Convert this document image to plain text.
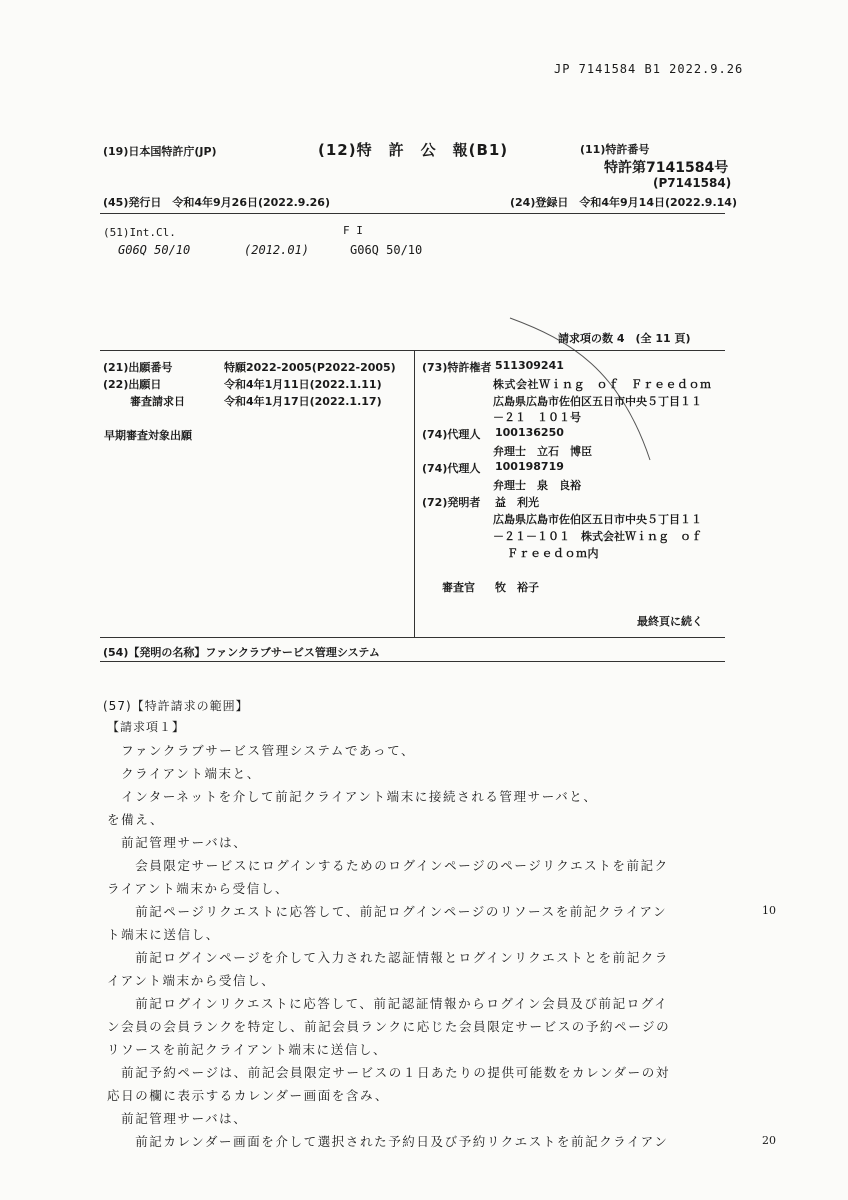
JP 7141584 B1 2022.9.26
(19)日本国特許庁(JP)	(12)特　許　公　報(B1)	(11)特許番号
特許第7141584号
(P7141584)
(45)発行日　令和4年9月26日(2022.9.26)	(24)登録日　令和4年9月14日(2022.9.14)
(51)Int.Cl.	F I
G06Q 50/10	(2012.01)	G06Q 50/10
請求項の数 4　(全 11 頁)
(21)出願番号	特願2022-2005(P2022-2005)
(22)出願日	令和4年1月11日(2022.1.11)
審査請求日	令和4年1月17日(2022.1.17)
早期審査対象出願
(73)特許権者 511309241
株式会社Ｗｉｎｇ　ｏｆ　Ｆｒｅｅｄｏｍ
広島県広島市佐伯区五日市中央５丁目１１
－２１　１０１号
(74)代理人 100136250
弁理士　立石　博臣
(74)代理人 100198719
弁理士　泉　良裕
(72)発明者 益　利光
広島県広島市佐伯区五日市中央５丁目１１
－２１－１０１　株式会社Ｗｉｎｇ　ｏｆ
Ｆｒｅｅｄｏｍ内
審査官 牧　裕子
最終頁に続く
(54)【発明の名称】ファンクラブサービス管理システム
(57)【特許請求の範囲】
【請求項１】
　ファンクラブサービス管理システムであって、
　クライアント端末と、
　インターネットを介して前記クライアント端末に接続される管理サーバと、
を備え、
　前記管理サーバは、
　　会員限定サービスにログインするためのログインページのページリクエストを前記ク
ライアント端末から受信し、
　　前記ページリクエストに応答して、前記ログインページのリソースを前記クライアン
ト端末に送信し、
　　前記ログインページを介して入力された認証情報とログインリクエストとを前記クラ
イアント端末から受信し、
　　前記ログインリクエストに応答して、前記認証情報からログイン会員及び前記ログイ
ン会員の会員ランクを特定し、前記会員ランクに応じた会員限定サービスの予約ページの
リソースを前記クライアント端末に送信し、
　前記予約ページは、前記会員限定サービスの１日あたりの提供可能数をカレンダーの対
応日の欄に表示するカレンダー画面を含み、
　前記管理サーバは、
　　前記カレンダー画面を介して選択された予約日及び予約リクエストを前記クライアン
10
20
